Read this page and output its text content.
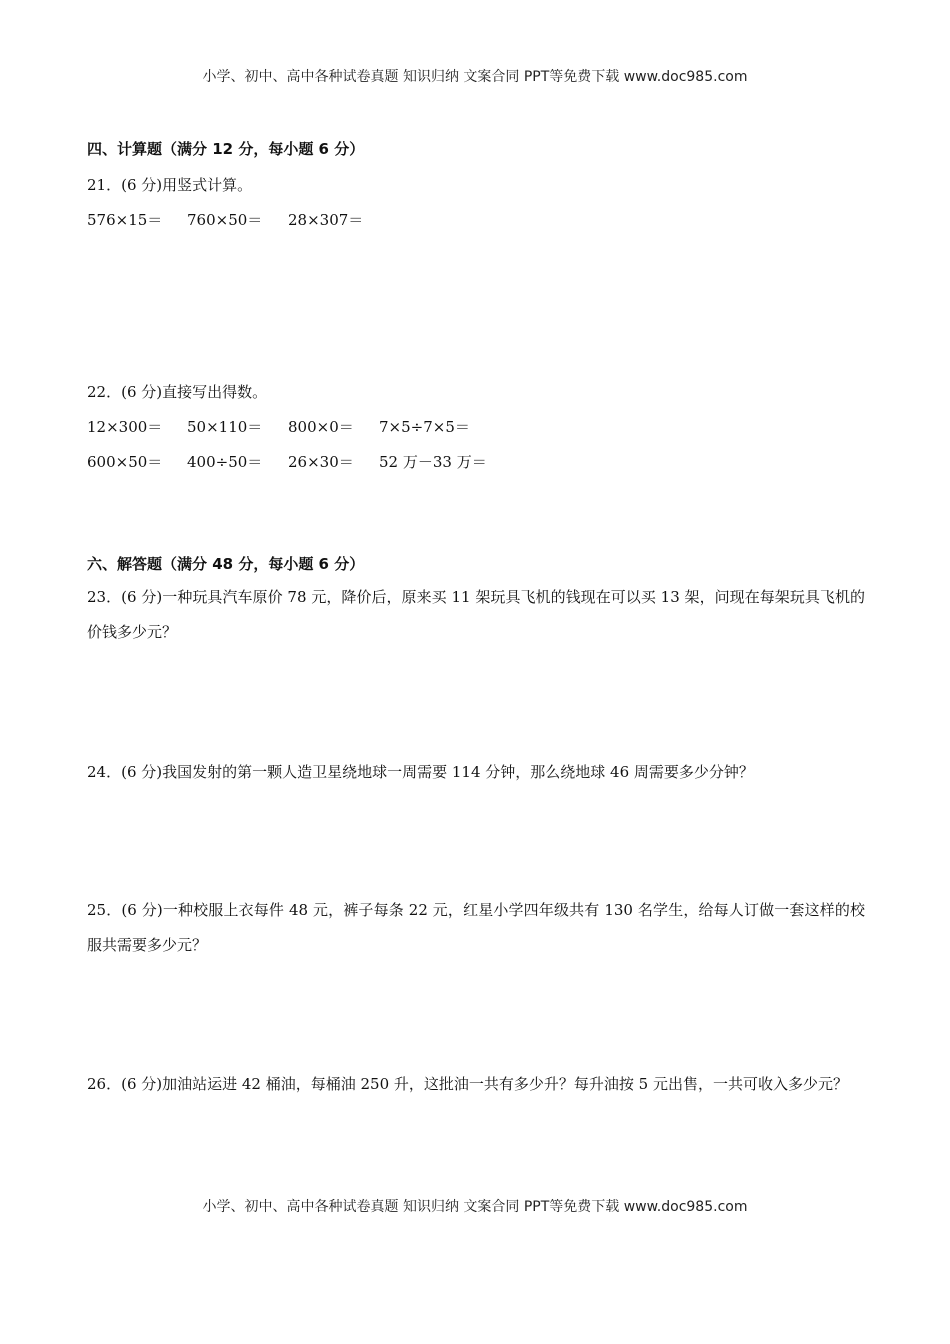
小学、初中、高中各种试卷真题 知识归纳 文案合同 PPT等免费下载 www.doc985.com
四、计算题（满分 12 分，每小题 6 分）
21．(6 分)用竖式计算。
576×15＝ 760×50＝ 28×307＝
22．(6 分)直接写出得数。
12×300＝ 50×110＝ 800×0＝ 7×5÷7×5＝
600×50＝ 400÷50＝ 26×30＝ 52 万－33 万＝
六、解答题（满分 48 分，每小题 6 分）
23．(6 分)一种玩具汽车原价 78 元，降价后，原来买 11 架玩具飞机的钱现在可以买 13 架，问现在每架玩具飞机的价钱多少元？
24．(6 分)我国发射的第一颗人造卫星绕地球一周需要 114 分钟，那么绕地球 46 周需要多少分钟？
25．(6 分)一种校服上衣每件 48 元，裤子每条 22 元，红星小学四年级共有 130 名学生，给每人订做一套这样的校服共需要多少元？
26．(6 分)加油站运进 42 桶油，每桶油 250 升，这批油一共有多少升？每升油按 5 元出售，一共可收入多少元？
小学、初中、高中各种试卷真题 知识归纳 文案合同 PPT等免费下载 www.doc985.com
